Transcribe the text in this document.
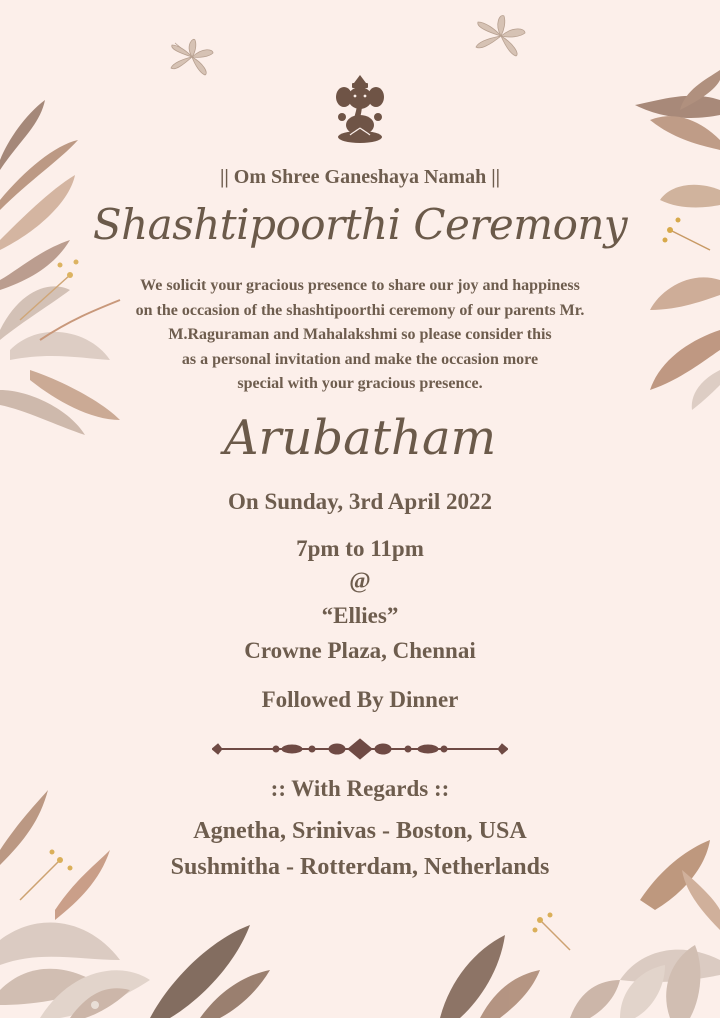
|| Om Shree Ganeshaya Namah ||
Shashtipoorthi Ceremony
We solicit your gracious presence to share our joy and happiness
on the occasion of the shashtipoorthi ceremony of our parents Mr.
M.Raguraman and Mahalakshmi so please consider this
as a personal invitation and make the occasion more
special with your gracious presence.
Arubatham
On Sunday, 3rd April 2022
7pm to 11pm
@
“Ellies”
Crowne Plaza, Chennai
Followed By Dinner
:: With Regards ::
Agnetha, Srinivas - Boston, USA
Sushmitha - Rotterdam, Netherlands
